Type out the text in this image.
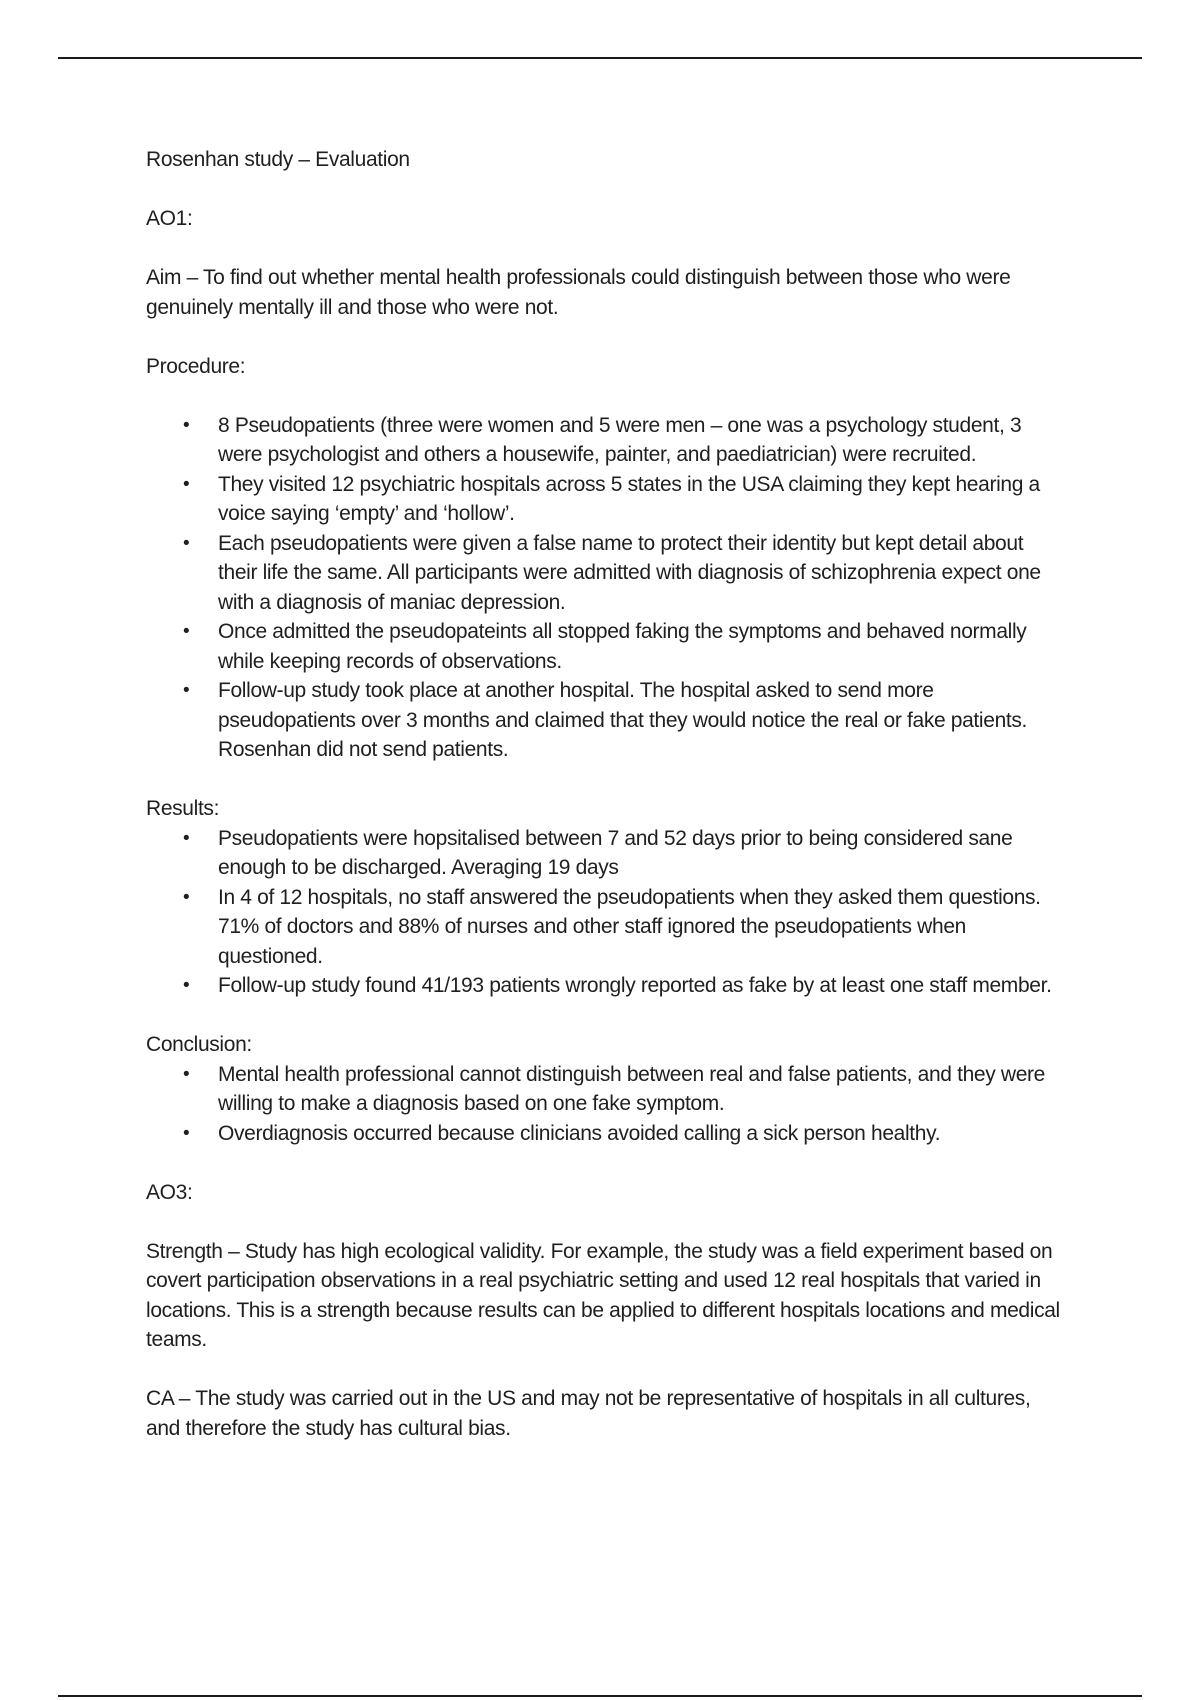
Rosenhan study – Evaluation

AO1:

Aim – To find out whether mental health professionals could distinguish between those who were genuinely mentally ill and those who were not.

Procedure:

• 8 Pseudopatients (three were women and 5 were men – one was a psychology student, 3 were psychologist and others a housewife, painter, and paediatrician) were recruited.
• They visited 12 psychiatric hospitals across 5 states in the USA claiming they kept hearing a voice saying ‘empty’ and ‘hollow’.
• Each pseudopatients were given a false name to protect their identity but kept detail about their life the same. All participants were admitted with diagnosis of schizophrenia expect one with a diagnosis of maniac depression.
• Once admitted the pseudopateints all stopped faking the symptoms and behaved normally while keeping records of observations.
• Follow-up study took place at another hospital. The hospital asked to send more pseudopatients over 3 months and claimed that they would notice the real or fake patients. Rosenhan did not send patients.

Results:

• Pseudopatients were hopsitalised between 7 and 52 days prior to being considered sane enough to be discharged. Averaging 19 days
• In 4 of 12 hospitals, no staff answered the pseudopatients when they asked them questions. 71% of doctors and 88% of nurses and other staff ignored the pseudopatients when questioned.
• Follow-up study found 41/193 patients wrongly reported as fake by at least one staff member.

Conclusion:

• Mental health professional cannot distinguish between real and false patients, and they were willing to make a diagnosis based on one fake symptom.
• Overdiagnosis occurred because clinicians avoided calling a sick person healthy.

AO3:

Strength – Study has high ecological validity. For example, the study was a field experiment based on covert participation observations in a real psychiatric setting and used 12 real hospitals that varied in locations. This is a strength because results can be applied to different hospitals locations and medical teams.

CA – The study was carried out in the US and may not be representative of hospitals in all cultures, and therefore the study has cultural bias.
